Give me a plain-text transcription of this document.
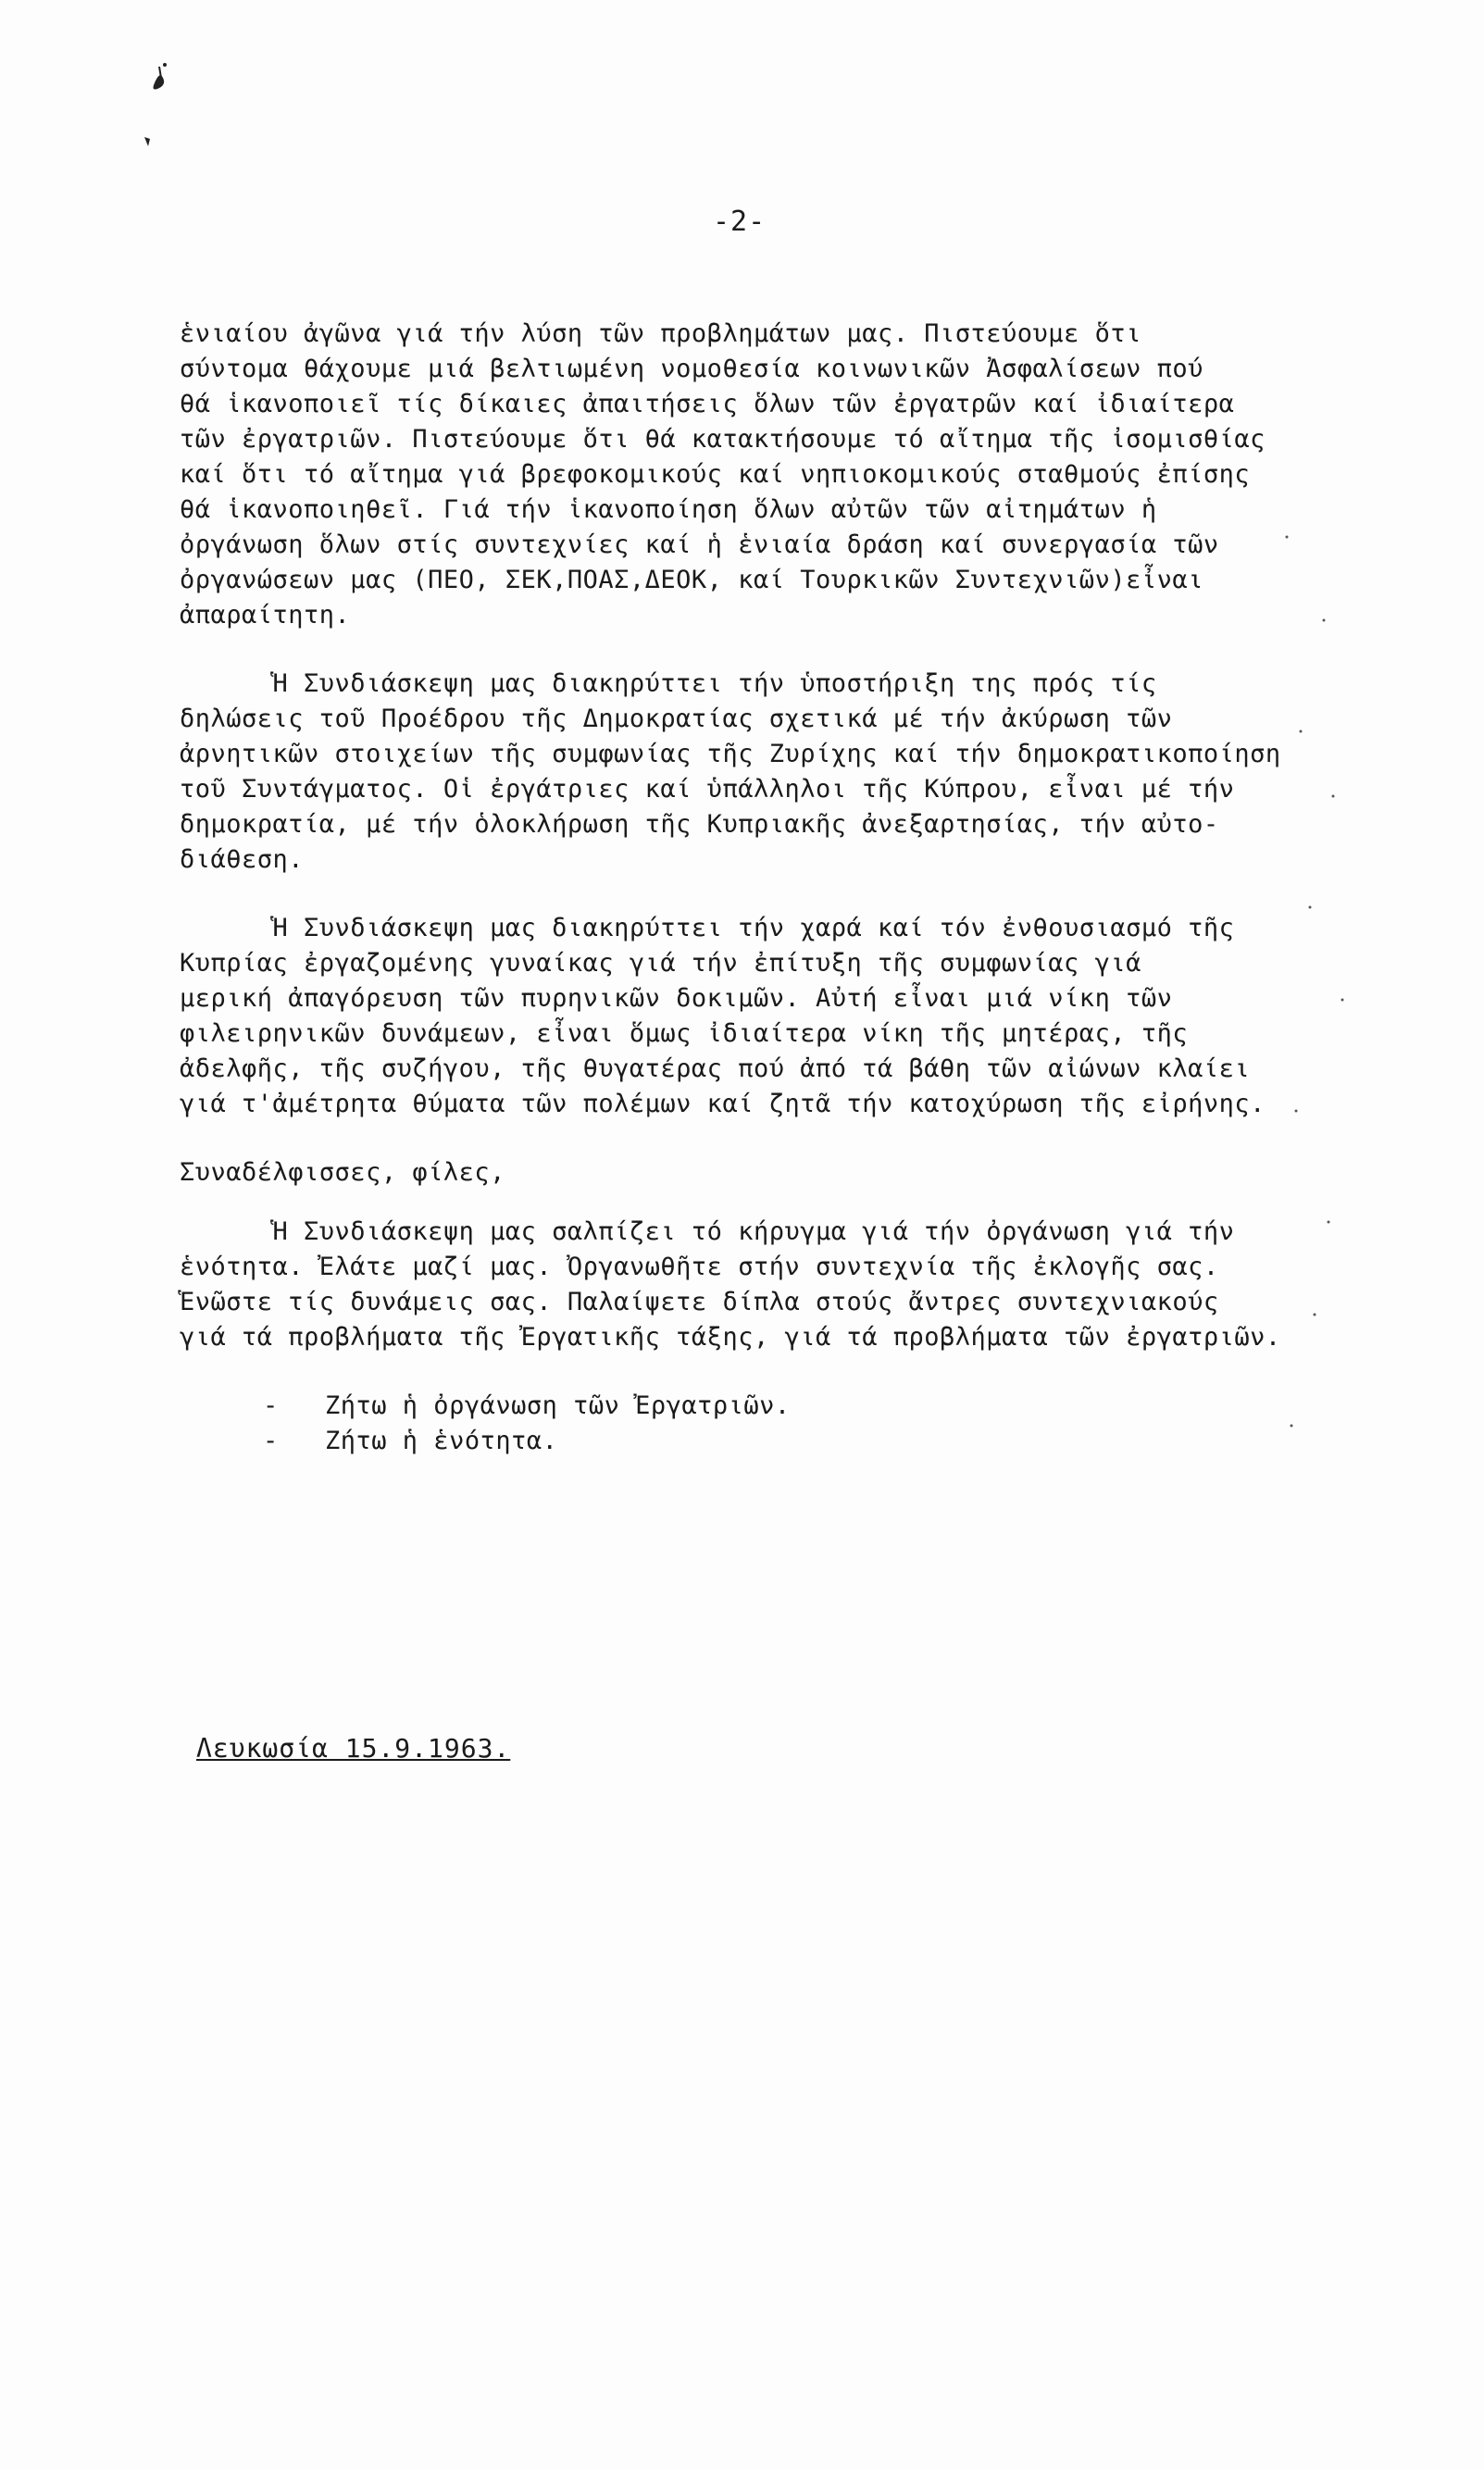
-2-

ἑνιαίου ἀγῶνα γιά τήν λύση τῶν προβλημάτων μας. Πιστεύουμε ὅτι

σύντομα θάχουμε μιά βελτιωμένη νομοθεσία κοινωνικῶν Ἀσφαλίσεων πού

θά ἱκανοποιεῖ τίς δίκαιες ἀπαιτήσεις ὅλων τῶν ἐργατρῶν καί ἰδιαίτερα

τῶν ἐργατριῶν. Πιστεύουμε ὅτι θά κατακτήσουμε τό αἴτημα τῆς ἰσομισθίας

καί ὅτι τό αἴτημα γιά βρεφοκομικούς καί νηπιοκομικούς σταθμούς ἐπίσης

θά ἱκανοποιηθεῖ. Γιά τήν ἱκανοποίηση ὅλων αὐτῶν τῶν αἰτημάτων ἡ

ὀργάνωση ὅλων στίς συντεχνίες καί ἡ ἑνιαία δράση καί συνεργασία τῶν

ὀργανώσεων μας (ΠΕΟ, ΣΕΚ,ΠΟΑΣ,ΔΕΟΚ, καί Τουρκικῶν Συντεχνιῶν)εἶναι

ἀπαραίτητη.

Ἡ Συνδιάσκεψη μας διακηρύττει τήν ὑποστήριξη της πρός τίς

δηλώσεις τοῦ Προέδρου τῆς Δημοκρατίας σχετικά μέ τήν ἀκύρωση τῶν

ἀρνητικῶν στοιχείων τῆς συμφωνίας τῆς Ζυρίχης καί τήν δημοκρατικοποίηση

τοῦ Συντάγματος. Οἱ ἐργάτριες καί ὑπάλληλοι τῆς Κύπρου, εἶναι μέ τήν

δημοκρατία, μέ τήν ὁλοκλήρωση τῆς Κυπριακῆς ἀνεξαρτησίας, τήν αὐτο-

διάθεση.

Ἡ Συνδιάσκεψη μας διακηρύττει τήν χαρά καί τόν ἐνθουσιασμό τῆς

Κυπρίας ἐργαζομένης γυναίκας γιά τήν ἐπίτυξη τῆς συμφωνίας γιά

μερική ἀπαγόρευση τῶν πυρηνικῶν δοκιμῶν. Αὐτή εἶναι μιά νίκη τῶν

φιλειρηνικῶν δυνάμεων, εἶναι ὅμως ἰδιαίτερα νίκη τῆς μητέρας, τῆς

ἀδελφῆς, τῆς συζήγου, τῆς θυγατέρας πού ἀπό τά βάθη τῶν αἰώνων κλαίει

γιά τ'ἀμέτρητα θύματα τῶν πολέμων καί ζητᾶ τήν κατοχύρωση τῆς εἰρήνης.

Συναδέλφισσες, φίλες,

Ἡ Συνδιάσκεψη μας σαλπίζει τό κήρυγμα γιά τήν ὀργάνωση γιά τήν

ἑνότητα. Ἐλάτε μαζί μας. Ὀργανωθῆτε στήν συντεχνία τῆς ἐκλογῆς σας.

Ἑνῶστε τίς δυνάμεις σας. Παλαίψετε δίπλα στούς ἄντρες συντεχνιακούς

γιά τά προβλήματα τῆς Ἐργατικῆς τάξης, γιά τά προβλήματα τῶν ἐργατριῶν.

-   Ζήτω ἡ ὀργάνωση τῶν Ἐργατριῶν.
-   Ζήτω ἡ ἑνότητα.
Λευκωσία 15.9.1963.
